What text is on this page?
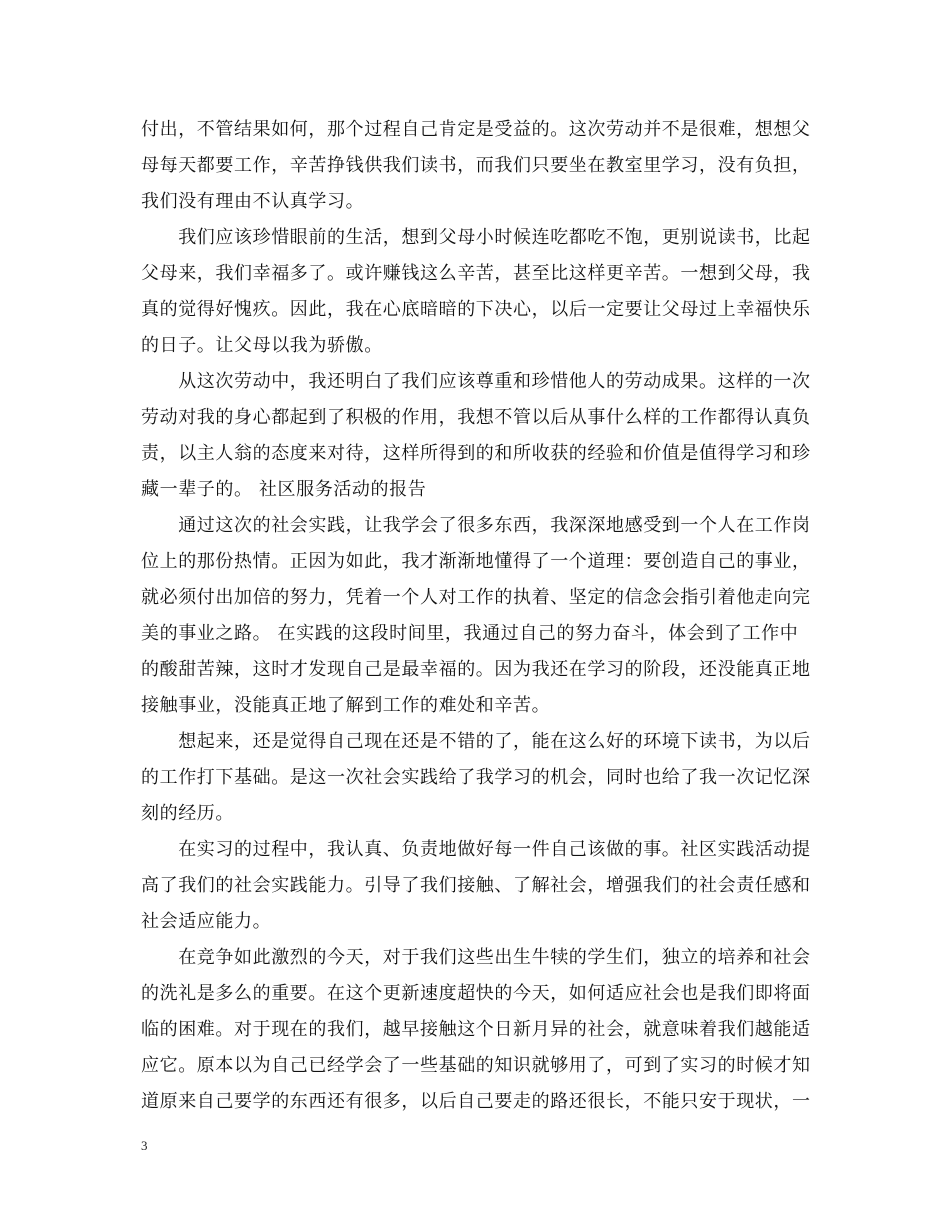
付出，不管结果如何，那个过程自己肯定是受益的。这次劳动并不是很难，想想父
母每天都要工作，辛苦挣钱供我们读书，而我们只要坐在教室里学习，没有负担，
我们没有理由不认真学习。
　　我们应该珍惜眼前的生活，想到父母小时候连吃都吃不饱，更别说读书，比起
父母来，我们幸福多了。或许赚钱这么辛苦，甚至比这样更辛苦。一想到父母，我
真的觉得好愧疚。因此，我在心底暗暗的下决心，以后一定要让父母过上幸福快乐
的日子。让父母以我为骄傲。
　　从这次劳动中，我还明白了我们应该尊重和珍惜他人的劳动成果。这样的一次
劳动对我的身心都起到了积极的作用，我想不管以后从事什么样的工作都得认真负
责，以主人翁的态度来对待，这样所得到的和所收获的经验和价值是值得学习和珍
藏一辈子的。 社区服务活动的报告
　　通过这次的社会实践，让我学会了很多东西，我深深地感受到一个人在工作岗
位上的那份热情。正因为如此，我才渐渐地懂得了一个道理：要创造自己的事业，
就必须付出加倍的努力，凭着一个人对工作的执着、坚定的信念会指引着他走向完
美的事业之路。 在实践的这段时间里，我通过自己的努力奋斗，体会到了工作中
的酸甜苦辣，这时才发现自己是最幸福的。因为我还在学习的阶段，还没能真正地
接触事业，没能真正地了解到工作的难处和辛苦。
　　想起来，还是觉得自己现在还是不错的了，能在这么好的环境下读书，为以后
的工作打下基础。是这一次社会实践给了我学习的机会，同时也给了我一次记忆深
刻的经历。
　　在实习的过程中，我认真、负责地做好每一件自己该做的事。社区实践活动提
高了我们的社会实践能力。引导了我们接触、了解社会，增强我们的社会责任感和
社会适应能力。
　　在竞争如此激烈的今天，对于我们这些出生牛犊的学生们，独立的培养和社会
的洗礼是多么的重要。在这个更新速度超快的今天，如何适应社会也是我们即将面
临的困难。对于现在的我们，越早接触这个日新月异的社会，就意味着我们越能适
应它。原本以为自己已经学会了一些基础的知识就够用了，可到了实习的时候才知
道原来自己要学的东西还有很多，以后自己要走的路还很长，不能只安于现状，一
3
